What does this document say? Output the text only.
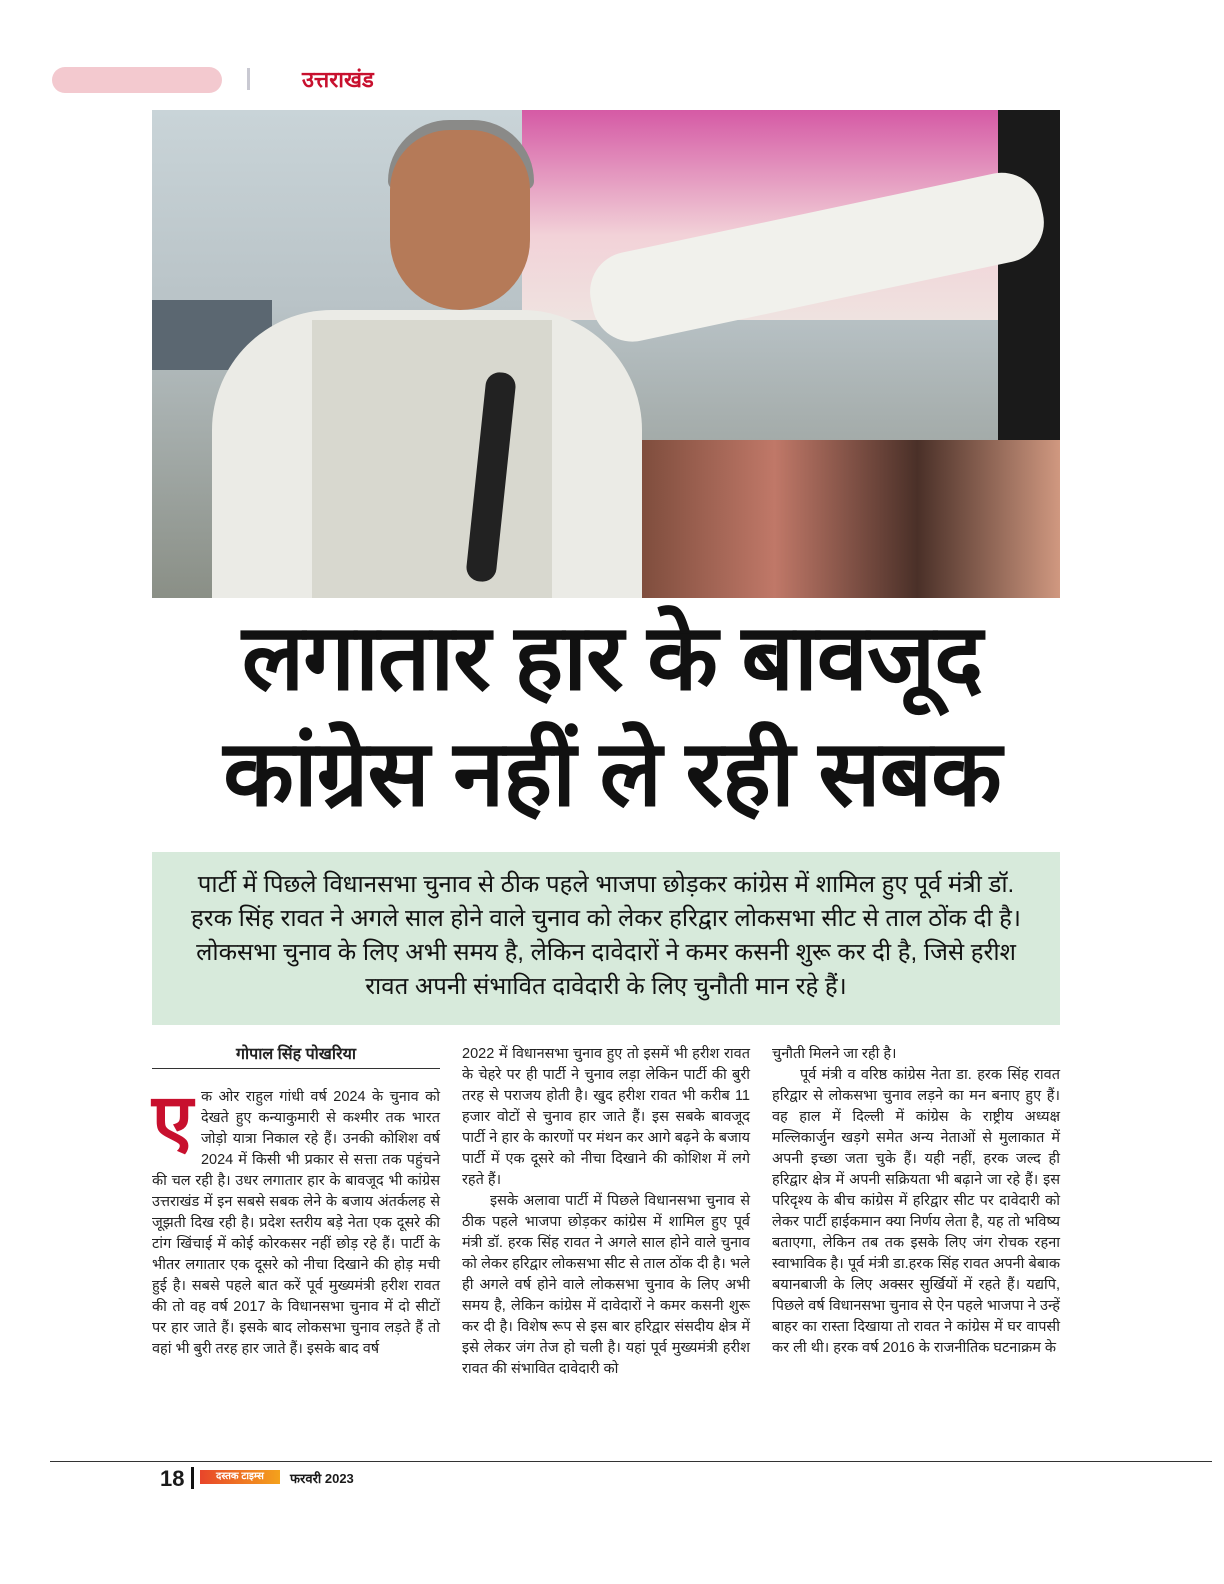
उत्तराखंड
लगातार हार के बावजूद
कांग्रेस नहीं ले रही सबक
पार्टी में पिछले विधानसभा चुनाव से ठीक पहले भाजपा छोड़कर कांग्रेस में शामिल हुए पूर्व मंत्री डॉ. हरक सिंह रावत ने अगले साल होने वाले चुनाव को लेकर हरिद्वार लोकसभा सीट से ताल ठोंक दी है। लोकसभा चुनाव के लिए अभी समय है, लेकिन दावेदारों ने कमर कसनी शुरू कर दी है, जिसे हरीश रावत अपनी संभावित दावेदारी के लिए चुनौती मान रहे हैं।
गोपाल सिंह पोखरिया
ए क ओर राहुल गांधी वर्ष 2024 के चुनाव को देखते हुए कन्याकुमारी से कश्मीर तक भारत जोड़ो यात्रा निकाल रहे हैं। उनकी कोशिश वर्ष 2024 में किसी भी प्रकार से सत्ता तक पहुंचने की चल रही है। उधर लगातार हार के बावजूद भी कांग्रेस उत्तराखंड में इन सबसे सबक लेने के बजाय अंतर्कलह से जूझती दिख रही है। प्रदेश स्तरीय बड़े नेता एक दूसरे की टांग खिंचाई में कोई कोरकसर नहीं छोड़ रहे हैं। पार्टी के भीतर लगातार एक दूसरे को नीचा दिखाने की होड़ मची हुई है। सबसे पहले बात करें पूर्व मुख्यमंत्री हरीश रावत की तो वह वर्ष 2017 के विधानसभा चुनाव में दो सीटों पर हार जाते हैं। इसके बाद लोकसभा चुनाव लड़ते हैं तो वहां भी बुरी तरह हार जाते हैं। इसके बाद वर्ष

2022 में विधानसभा चुनाव हुए तो इसमें भी हरीश रावत के चेहरे पर ही पार्टी ने चुनाव लड़ा लेकिन पार्टी की बुरी तरह से पराजय होती है। खुद हरीश रावत भी करीब 11 हजार वोटों से चुनाव हार जाते हैं। इस सबके बावजूद पार्टी ने हार के कारणों पर मंथन कर आगे बढ़ने के बजाय पार्टी में एक दूसरे को नीचा दिखाने की कोशिश में लगे रहते हैं।

इसके अलावा पार्टी में पिछले विधानसभा चुनाव से ठीक पहले भाजपा छोड़कर कांग्रेस में शामिल हुए पूर्व मंत्री डॉ. हरक सिंह रावत ने अगले साल होने वाले चुनाव को लेकर हरिद्वार लोकसभा सीट से ताल ठोंक दी है। भले ही अगले वर्ष होने वाले लोकसभा चुनाव के लिए अभी समय है, लेकिन कांग्रेस में दावेदारों ने कमर कसनी शुरू कर दी है। विशेष रूप से इस बार हरिद्वार संसदीय क्षेत्र में इसे लेकर जंग तेज हो चली है। यहां पूर्व मुख्यमंत्री हरीश रावत की संभावित दावेदारी को

चुनौती मिलने जा रही है।

पूर्व मंत्री व वरिष्ठ कांग्रेस नेता डा. हरक सिंह रावत हरिद्वार से लोकसभा चुनाव लड़ने का मन बनाए हुए हैं। वह हाल में दिल्ली में कांग्रेस के राष्ट्रीय अध्यक्ष मल्लिकार्जुन खड़गे समेत अन्य नेताओं से मुलाकात में अपनी इच्छा जता चुके हैं। यही नहीं, हरक जल्द ही हरिद्वार क्षेत्र में अपनी सक्रियता भी बढ़ाने जा रहे हैं। इस परिदृश्य के बीच कांग्रेस में हरिद्वार सीट पर दावेदारी को लेकर पार्टी हाईकमान क्या निर्णय लेता है, यह तो भविष्य बताएगा, लेकिन तब तक इसके लिए जंग रोचक रहना स्वाभाविक है। पूर्व मंत्री डा.हरक सिंह रावत अपनी बेबाक बयानबाजी के लिए अक्सर सुर्खियों में रहते हैं। यद्यपि, पिछले वर्ष विधानसभा चुनाव से ऐन पहले भाजपा ने उन्हें बाहर का रास्ता दिखाया तो रावत ने कांग्रेस में घर वापसी कर ली थी। हरक वर्ष 2016 के राजनीतिक घटनाक्रम के

18	दस्तक टाइम्स	फरवरी 2023
